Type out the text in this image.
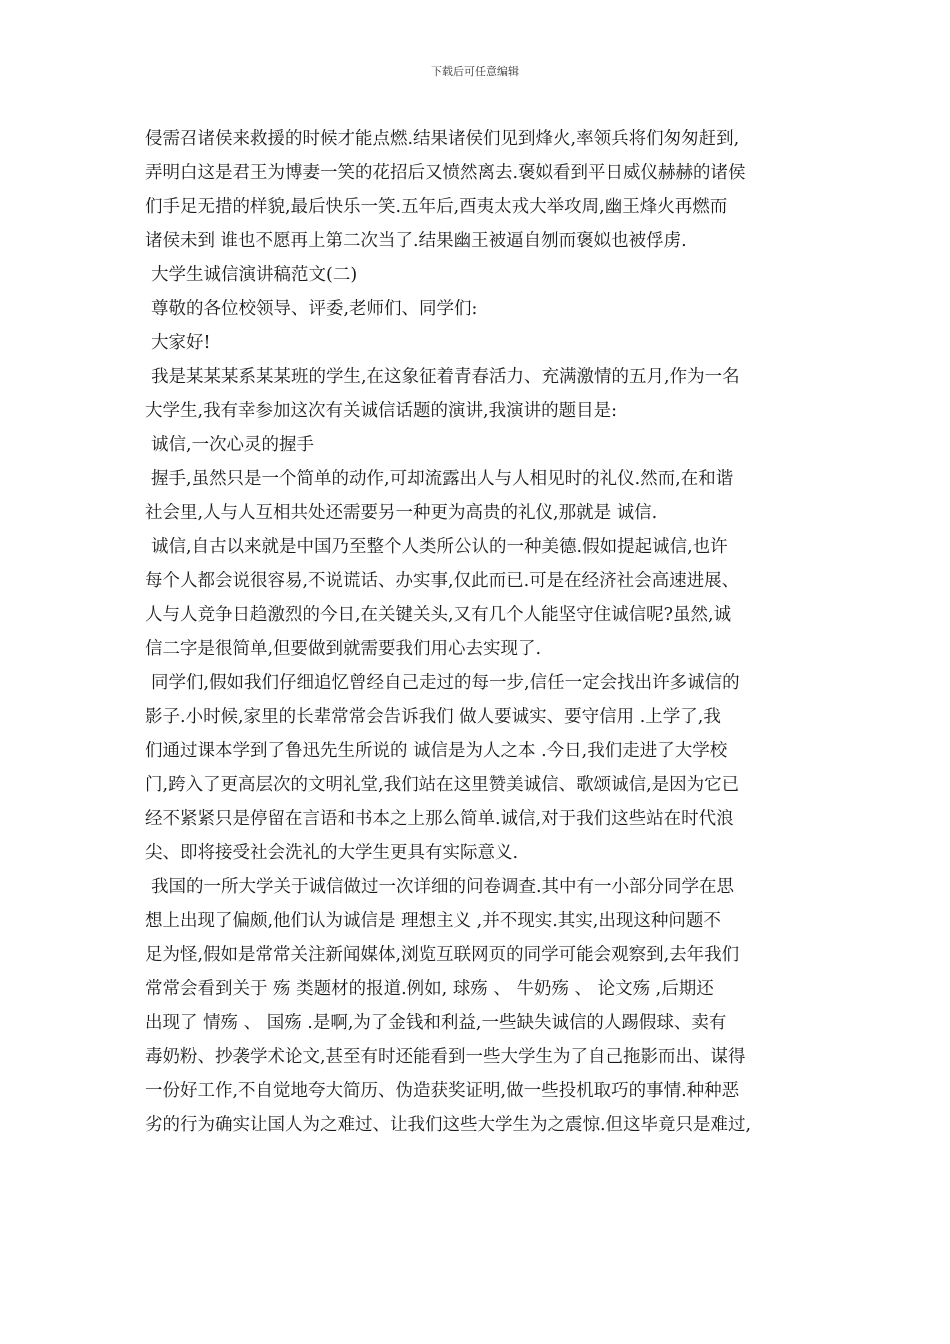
下载后可任意编辑
侵需召诸侯来救援的时候才能点燃.结果诸侯们见到烽火,率领兵将们匆匆赶到,
弄明白这是君王为博妻一笑的花招后又愤然离去.褒姒看到平日威仪赫赫的诸侯
们手足无措的样貌,最后快乐一笑.五年后,酉夷太戎大举攻周,幽王烽火再燃而
诸侯未到 谁也不愿再上第二次当了.结果幽王被逼自刎而褒姒也被俘虏.
大学生诚信演讲稿范文(二)
尊敬的各位校领导、评委,老师们、同学们:
大家好!
我是某某某系某某班的学生,在这象征着青春活力、充满激情的五月,作为一名
大学生,我有幸参加这次有关诚信话题的演讲,我演讲的题目是:
诚信,一次心灵的握手
握手,虽然只是一个简单的动作,可却流露出人与人相见时的礼仪.然而,在和谐
社会里,人与人互相共处还需要另一种更为高贵的礼仪,那就是 诚信.
诚信,自古以来就是中国乃至整个人类所公认的一种美德.假如提起诚信,也许
每个人都会说很容易,不说谎话、办实事,仅此而已.可是在经济社会高速进展、
人与人竞争日趋激烈的今日,在关键关头,又有几个人能坚守住诚信呢?虽然,诚
信二字是很简单,但要做到就需要我们用心去实现了.
同学们,假如我们仔细追忆曾经自己走过的每一步,信任一定会找出许多诚信的
影子.小时候,家里的长辈常常会告诉我们 做人要诚实、要守信用 .上学了,我
们通过课本学到了鲁迅先生所说的 诚信是为人之本 .今日,我们走进了大学校
门,跨入了更高层次的文明礼堂,我们站在这里赞美诚信、歌颂诚信,是因为它已
经不紧紧只是停留在言语和书本之上那么简单.诚信,对于我们这些站在时代浪
尖、即将接受社会洗礼的大学生更具有实际意义.
我国的一所大学关于诚信做过一次详细的问卷调查.其中有一小部分同学在思
想上出现了偏颇,他们认为诚信是 理想主义 ,并不现实.其实,出现这种问题不
足为怪,假如是常常关注新闻媒体,浏览互联网页的同学可能会观察到,去年我们
常常会看到关于 殇 类题材的报道.例如, 球殇 、 牛奶殇 、 论文殇 ,后期还
出现了 情殇 、 国殇 .是啊,为了金钱和利益,一些缺失诚信的人踢假球、卖有
毒奶粉、抄袭学术论文,甚至有时还能看到一些大学生为了自己拖影而出、谋得
一份好工作,不自觉地夸大简历、伪造获奖证明,做一些投机取巧的事情.种种恶
劣的行为确实让国人为之难过、让我们这些大学生为之震惊.但这毕竟只是难过,
